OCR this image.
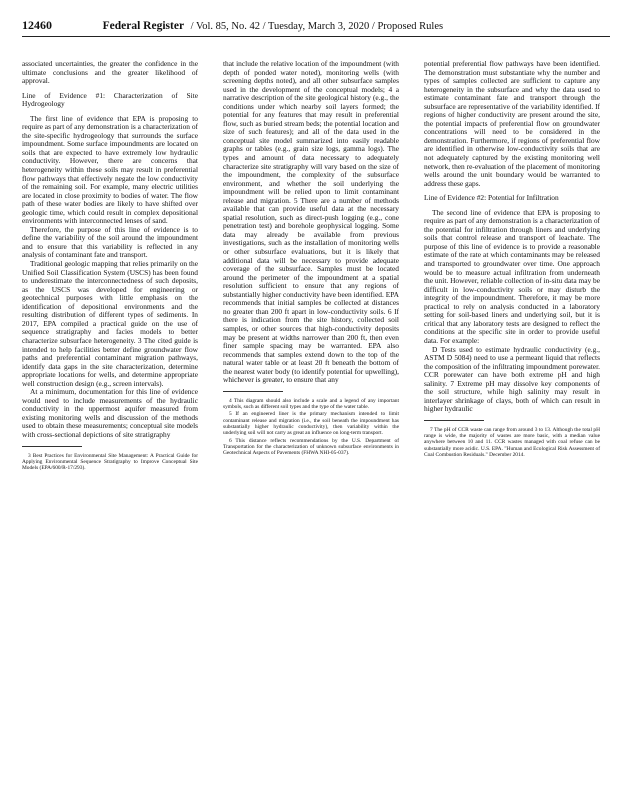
12460	Federal Register / Vol. 85, No. 42 / Tuesday, March 3, 2020 / Proposed Rules

associated uncertainties, the greater the confidence in the ultimate conclusions and the greater likelihood of approval.

Line of Evidence #1: Characterization of Site Hydrogeology

The first line of evidence that EPA is proposing to require as part of any demonstration is a characterization of the site-specific hydrogeology that surrounds the surface impoundment. Some surface impoundments are located on soils that are expected to have extremely low hydraulic conductivity. However, there are concerns that heterogeneity within these soils may result in preferential flow pathways that effectively negate the low conductivity of the remaining soil. For example, many electric utilities are located in close proximity to bodies of water. The flow path of these water bodies are likely to have shifted over geologic time, which could result in complex depositional environments with interconnected lenses of sand.

Therefore, the purpose of this line of evidence is to define the variability of the soil around the impoundment and to ensure that this variability is reflected in any analysis of contaminant fate and transport.

Traditional geologic mapping that relies primarily on the Unified Soil Classification System (USCS) has been found to underestimate the interconnectedness of such deposits, as the USCS was developed for engineering or geotechnical purposes with little emphasis on the identification of depositional environments and the resulting distribution of different types of sediments. In 2017, EPA compiled a practical guide on the use of sequence stratigraphy and facies models to better characterize subsurface heterogeneity. 3 The cited guide is intended to help facilities better define groundwater flow paths and preferential contaminant migration pathways, identify data gaps in the site characterization, determine appropriate locations for wells, and determine appropriate well construction design (e.g., screen intervals).

At a minimum, documentation for this line of evidence would need to include measurements of the hydraulic conductivity in the uppermost aquifer measured from existing monitoring wells and discussion of the methods used to obtain these measurements; conceptual site models with cross-sectional depictions of site stratigraphy

3 Best Practices for Environmental Site Management: A Practical Guide for Applying Environmental Sequence Stratigraphy to Improve Conceptual Site Models (EPA/600/R-17/293).

that include the relative location of the impoundment (with depth of ponded water noted), monitoring wells (with screening depths noted), and all other subsurface samples used in the development of the conceptual models; 4 a narrative description of the site geological history (e.g., the conditions under which nearby soil layers formed; the potential for any features that may result in preferential flow, such as buried stream beds; the potential location and size of such features); and all of the data used in the conceptual site model summarized into easily readable graphs or tables (e.g., grain size logs, gamma logs). The types and amount of data necessary to adequately characterize site stratigraphy will vary based on the size of the impoundment, the complexity of the subsurface environment, and whether the soil underlying the impoundment will be relied upon to limit contaminant release and migration. 5 There are a number of methods available that can provide useful data at the necessary spatial resolution, such as direct-push logging (e.g., cone penetration test) and borehole geophysical logging. Some data may already be available from previous investigations, such as the installation of monitoring wells or other subsurface evaluations, but it is likely that additional data will be necessary to provide adequate coverage of the subsurface. Samples must be located around the perimeter of the impoundment at a spatial resolution sufficient to ensure that any regions of substantially higher conductivity have been identified. EPA recommends that initial samples be collected at distances no greater than 200 ft apart in low-conductivity soils. 6 If there is indication from the site history, collected soil samples, or other sources that high-conductivity deposits may be present at widths narrower than 200 ft, then even finer sample spacing may be warranted. EPA also recommends that samples extend down to the top of the natural water table or at least 20 ft beneath the bottom of the nearest water body (to identify potential for upwelling), whichever is greater, to ensure that any

4 This diagram should also include a scale and a legend of any important symbols, such as different soil types and the type of the water table.

5 If an engineered liner is the primary mechanism intended to limit contaminant release and migration (i.e., the soil beneath the impoundment has substantially higher hydraulic conductivity), then variability within the underlying soil will not carry as great an influence on long-term transport.

6 This distance reflects recommendations by the U.S. Department of Transportation for the characterization of unknown subsurface environments in Geotechnical Aspects of Pavements (FHWA NHI-05-037).

potential preferential flow pathways have been identified. The demonstration must substantiate why the number and types of samples collected are sufficient to capture any heterogeneity in the subsurface and why the data used to estimate contaminant fate and transport through the subsurface are representative of the variability identified. If regions of higher conductivity are present around the site, the potential impacts of preferential flow on groundwater concentrations will need to be considered in the demonstration. Furthermore, if regions of preferential flow are identified in otherwise low-conductivity soils that are not adequately captured by the existing monitoring well network, then re-evaluation of the placement of monitoring wells around the unit boundary would be warranted to address these gaps.

Line of Evidence #2: Potential for Infiltration

The second line of evidence that EPA is proposing to require as part of any demonstration is a characterization of the potential for infiltration through liners and underlying soils that control release and transport of leachate. The purpose of this line of evidence is to provide a reasonable estimate of the rate at which contaminants may be released and transported to groundwater over time. One approach would be to measure actual infiltration from underneath the unit. However, reliable collection of in-situ data may be difficult in low-conductivity soils or may disturb the integrity of the impoundment. Therefore, it may be more practical to rely on analysis conducted in a laboratory setting for soil-based liners and underlying soil, but it is critical that any laboratory tests are designed to reflect the conditions at the specific site in order to provide useful data. For example:

D Tests used to estimate hydraulic conductivity (e.g., ASTM D 5084) need to use a permeant liquid that reflects the composition of the infiltrating impoundment porewater. CCR porewater can have both extreme pH and high salinity. 7 Extreme pH may dissolve key components of the soil structure, while high salinity may result in interlayer shrinkage of clays, both of which can result in higher hydraulic

7 The pH of CCR waste can range from around 3 to 13. Although the total pH range is wide, the majority of wastes are more basic, with a median value anywhere between 10 and 11. CCR wastes managed with coal refuse can be substantially more acidic. U.S. EPA. "Human and Ecological Risk Assessment of Coal Combustion Residuals." December 2014.
